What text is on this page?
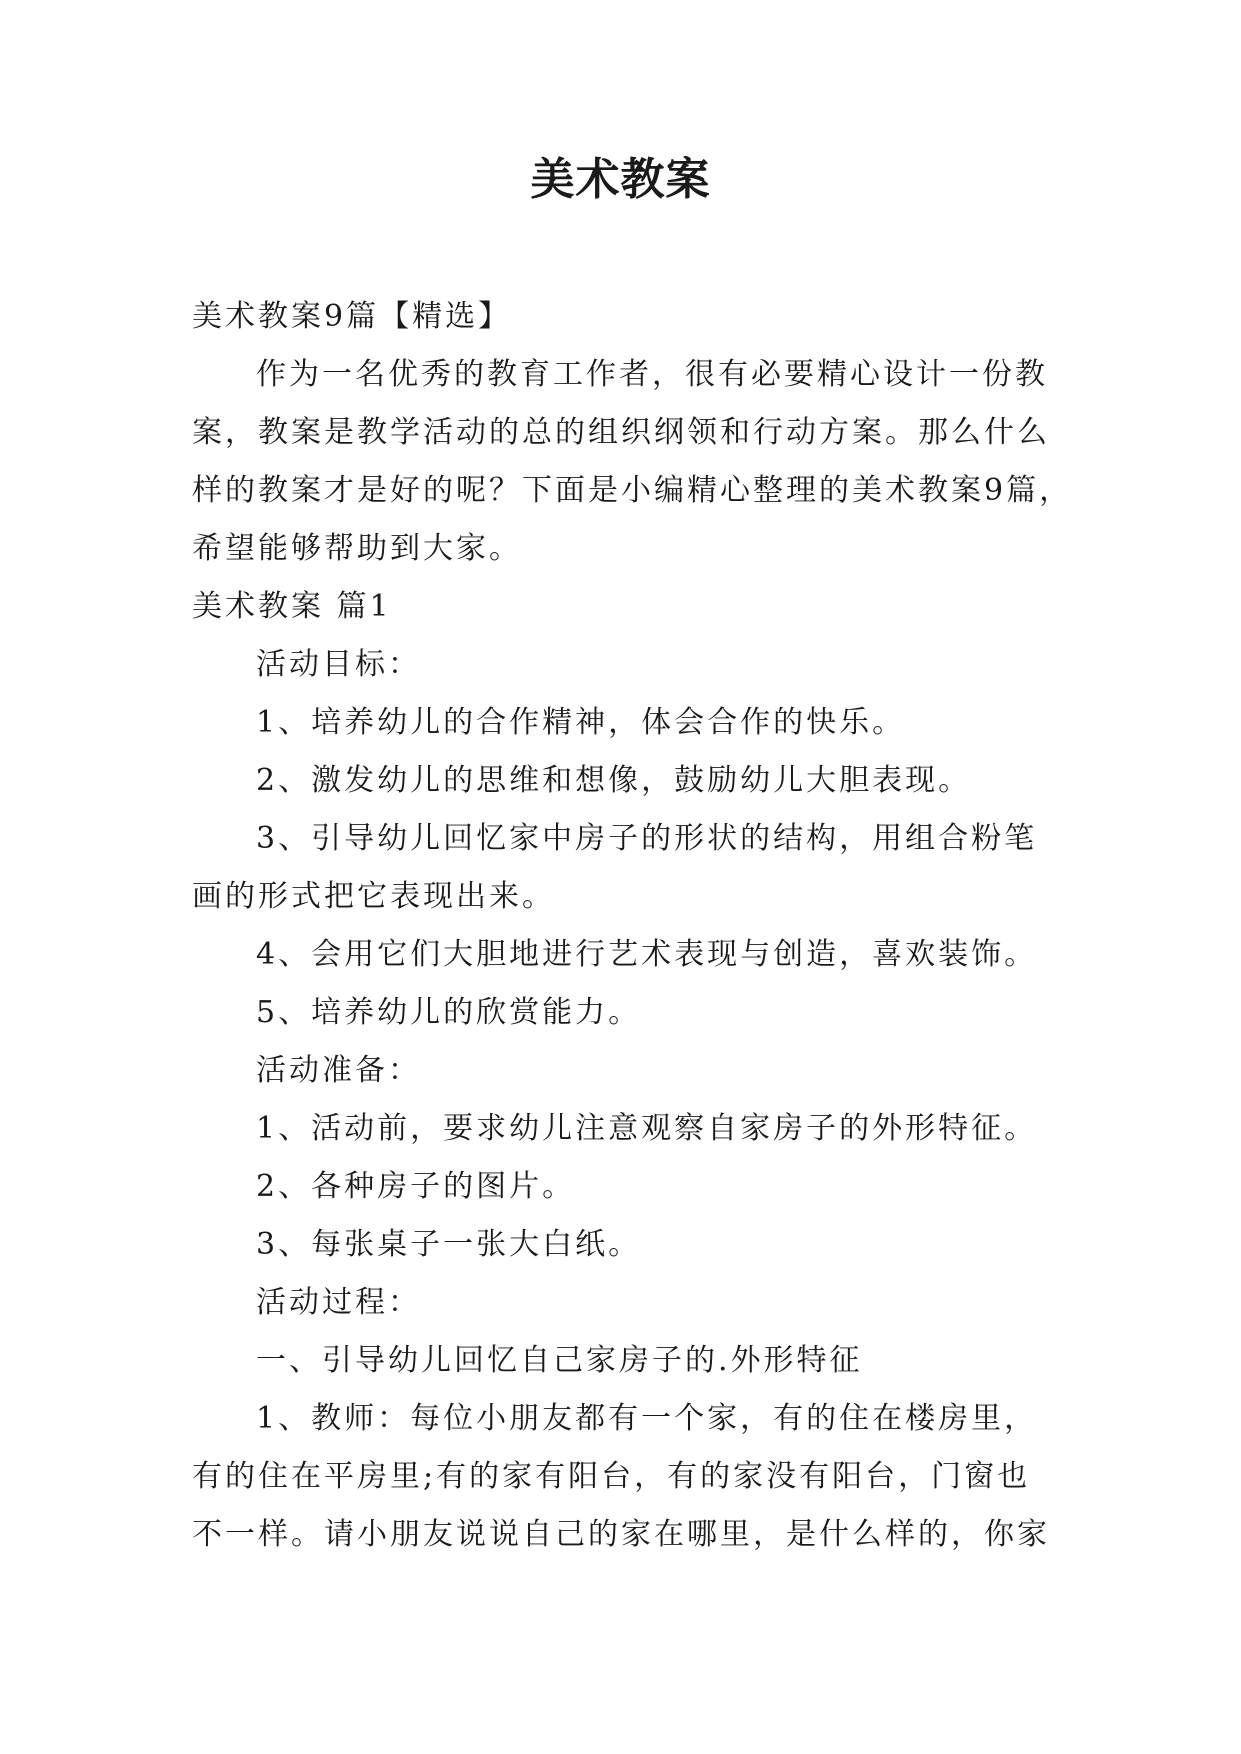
美术教案
美术教案9篇【精选】
作为一名优秀的教育工作者，很有必要精心设计一份教
案，教案是教学活动的总的组织纲领和行动方案。那么什么
样的教案才是好的呢？下面是小编精心整理的美术教案9篇，
希望能够帮助到大家。
美术教案 篇1
活动目标：
1、培养幼儿的合作精神，体会合作的快乐。
2、激发幼儿的思维和想像，鼓励幼儿大胆表现。
3、引导幼儿回忆家中房子的形状的结构，用组合粉笔
画的形式把它表现出来。
4、会用它们大胆地进行艺术表现与创造，喜欢装饰。
5、培养幼儿的欣赏能力。
活动准备：
1、活动前，要求幼儿注意观察自家房子的外形特征。
2、各种房子的图片。
3、每张桌子一张大白纸。
活动过程：
一、引导幼儿回忆自己家房子的.外形特征
1、教师：每位小朋友都有一个家，有的住在楼房里，
有的住在平房里;有的家有阳台，有的家没有阳台，门窗也
不一样。请小朋友说说自己的家在哪里，是什么样的，你家
